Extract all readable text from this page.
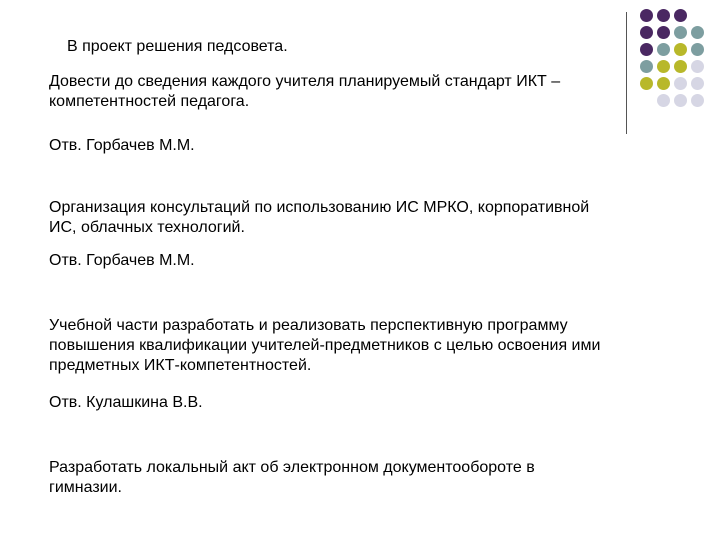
В проект решения педсовета.
Довести до сведения каждого учителя планируемый стандарт ИКТ – компетентностей педагога.
Отв. Горбачев М.М.
Организация консультаций по использованию ИС МРКО, корпоративной ИС, облачных технологий.
Отв. Горбачев М.М.
Учебной части разработать и реализовать перспективную программу повышения квалификации учителей-предметников с целью освоения ими предметных ИКТ-компетентностей.
Отв. Кулашкина В.В.
Разработать локальный акт об электронном документообороте в гимназии.
